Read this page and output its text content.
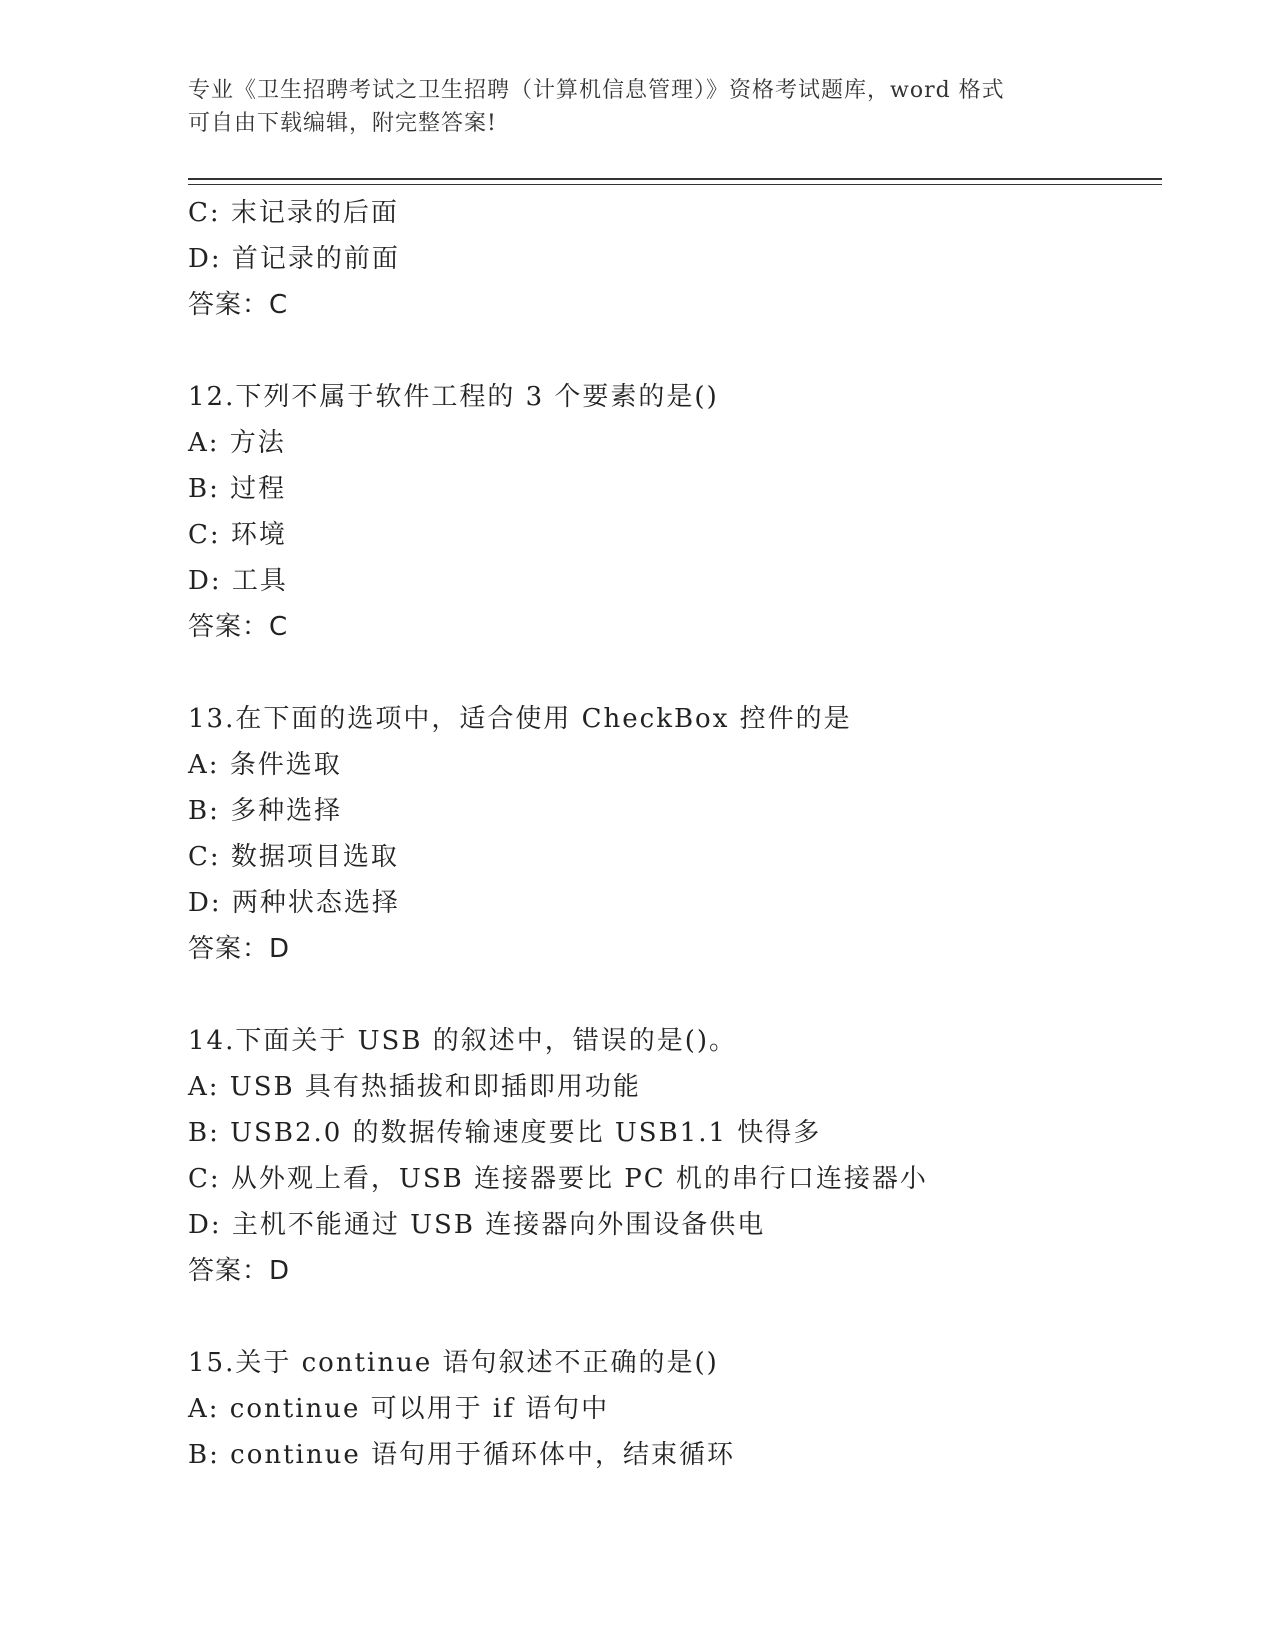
专业《卫生招聘考试之卫生招聘（计算机信息管理）》资格考试题库，word 格式
可自由下载编辑，附完整答案!
C: 末记录的后面
D: 首记录的前面
答案：C
12.下列不属于软件工程的 3 个要素的是()
A: 方法
B: 过程
C: 环境
D: 工具
答案：C
13.在下面的选项中，适合使用 CheckBox 控件的是
A: 条件选取
B: 多种选择
C: 数据项目选取
D: 两种状态选择
答案：D
14.下面关于 USB 的叙述中，错误的是()。
A: USB 具有热插拔和即插即用功能
B: USB2.0 的数据传输速度要比 USB1.1 快得多
C: 从外观上看，USB 连接器要比 PC 机的串行口连接器小
D: 主机不能通过 USB 连接器向外围设备供电
答案：D
15.关于 continue 语句叙述不正确的是()
A: continue 可以用于 if 语句中
B: continue 语句用于循环体中，结束循环
